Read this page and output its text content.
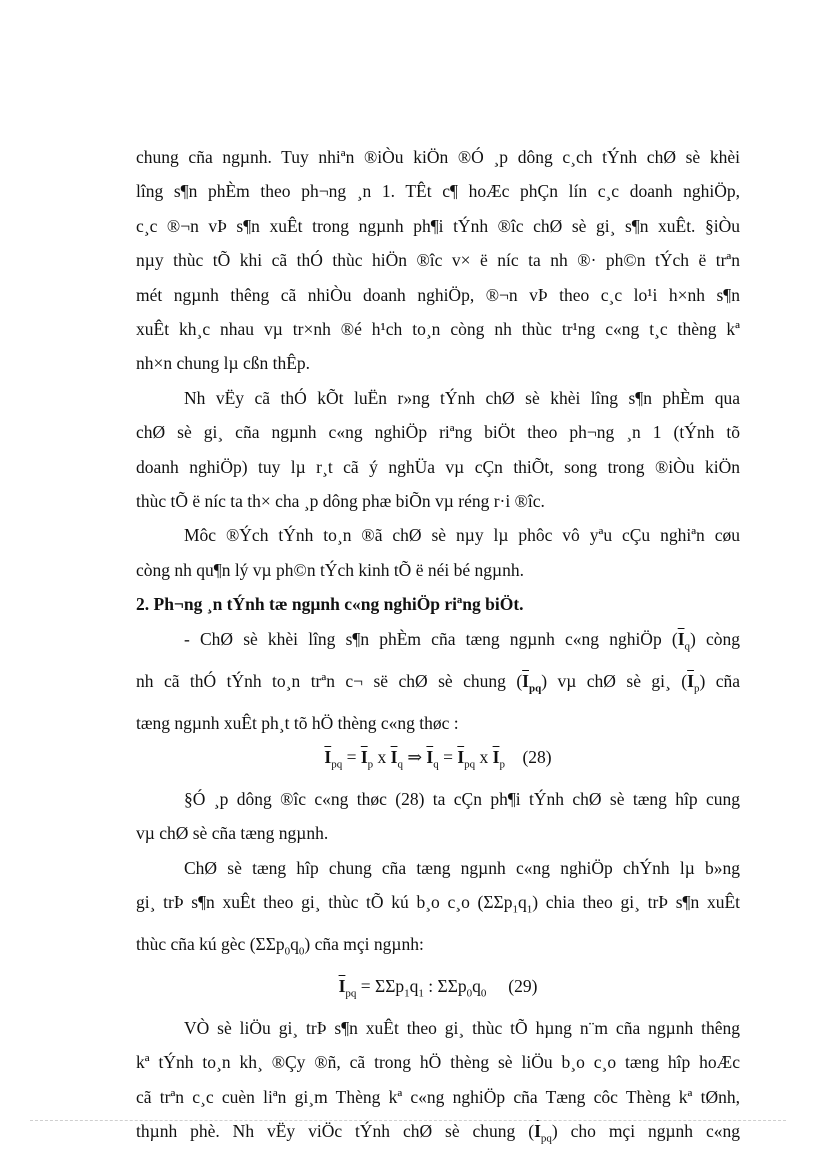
chung cña ngµnh. Tuy nhiªn ®iÒu kiÖn ®Ó ¸p dông c¸ch tÝnh chØ sè khèi
lîng s¶n phÈm theo ph¬ng ¸n 1. TÊt c¶ hoÆc phÇn lín c¸c doanh nghiÖp,
c¸c ®¬n vÞ s¶n xuÊt trong ngµnh ph¶i tÝnh ®îc chØ sè gi¸ s¶n xuÊt. §iÒu
nµy thùc tÕ khi cã thÓ thùc hiÖn ®îc v× ë níc ta nh ®· ph©n tÝch ë trªn
mét ngµnh thêng cã nhiÒu doanh nghiÖp, ®¬n vÞ theo c¸c lo¹i h×nh s¶n
xuÊt kh¸c nhau vµ tr×nh ®é h¹ch to¸n còng nh thùc tr¹ng c«ng t¸c thèng kª
nh×n chung lµ cßn thÊp.
Nh vËy cã thÓ kÕt luËn r»ng tÝnh chØ sè khèi lîng s¶n phÈm qua
chØ sè gi¸ cña ngµnh c«ng nghiÖp riªng biÖt theo ph¬ng ¸n 1 (tÝnh tõ
doanh nghiÖp) tuy lµ r¸t cã ý nghÜa vµ cÇn thiÕt, song trong ®iÒu kiÖn
thùc tÕ ë níc ta th× cha ¸p dông phæ biÕn vµ réng r·i ®îc.
Môc ®Ých tÝnh to¸n ®ã chØ sè nµy lµ phôc vô yªu cÇu nghiªn cøu
còng nh qu¶n lý vµ ph©n tÝch kinh tÕ ë néi bé ngµnh.

2. Ph¬ng ¸n tÝnh tæ ngµnh c«ng nghiÖp riªng biÖt.

- ChØ sè khèi lîng s¶n phÈm cña tæng ngµnh c«ng nghiÖp $(\overline{I}_q)$ còng
nh cã thÓ tÝnh to¸n trªn c¬ së chØ sè chung $(\overline{I}_{pq})$ vµ chØ sè gi¸ $(\overline{I}_p)$ cña
tæng ngµnh xuÊt ph¸t tõ hÖ thèng c«ng thøc :

$\overline{I}_{pq} = \overline{I}_p$ x $\overline{I}_q$ ⇒ $\overline{I}_q = \overline{I}_{pq}$ x $\overline{I}_p$ (28)

§Ó ¸p dông ®îc c«ng thøc (28) ta cÇn ph¶i tÝnh chØ sè tæng hîp cung
vµ chØ sè cña tæng ngµnh.
ChØ sè tæng hîp chung cña tæng ngµnh c«ng nghiÖp chÝnh lµ b»ng
gi¸ trÞ s¶n xuÊt theo gi¸ thùc tÕ kú b¸o c¸o $(\Sigma\Sigma p_1q_1)$ chia theo gi¸ trÞ s¶n xuÊt
thùc cña kú gèc $(\Sigma\Sigma p_0q_0)$ cña mçi ngµnh:

$\overline{I}_{pq} = \Sigma\Sigma p_1q_1$ : $\Sigma\Sigma p_0q_0$ (29)

VÒ sè liÖu gi¸ trÞ s¶n xuÊt theo gi¸ thùc tÕ hµng n¨m cña ngµnh thêng
kª tÝnh to¸n kh¸ ®Çy ®ñ, cã trong hÖ thèng sè liÖu b¸o c¸o tæng hîp hoÆc
cã trªn c¸c cuèn liªn gi¸m Thèng kª c«ng nghiÖp cña Tæng côc Thèng kª tØnh,
thµnh phè. Nh vËy viÖc tÝnh chØ sè chung $(\overline{I}_{pq})$ cho mçi ngµnh c«ng
